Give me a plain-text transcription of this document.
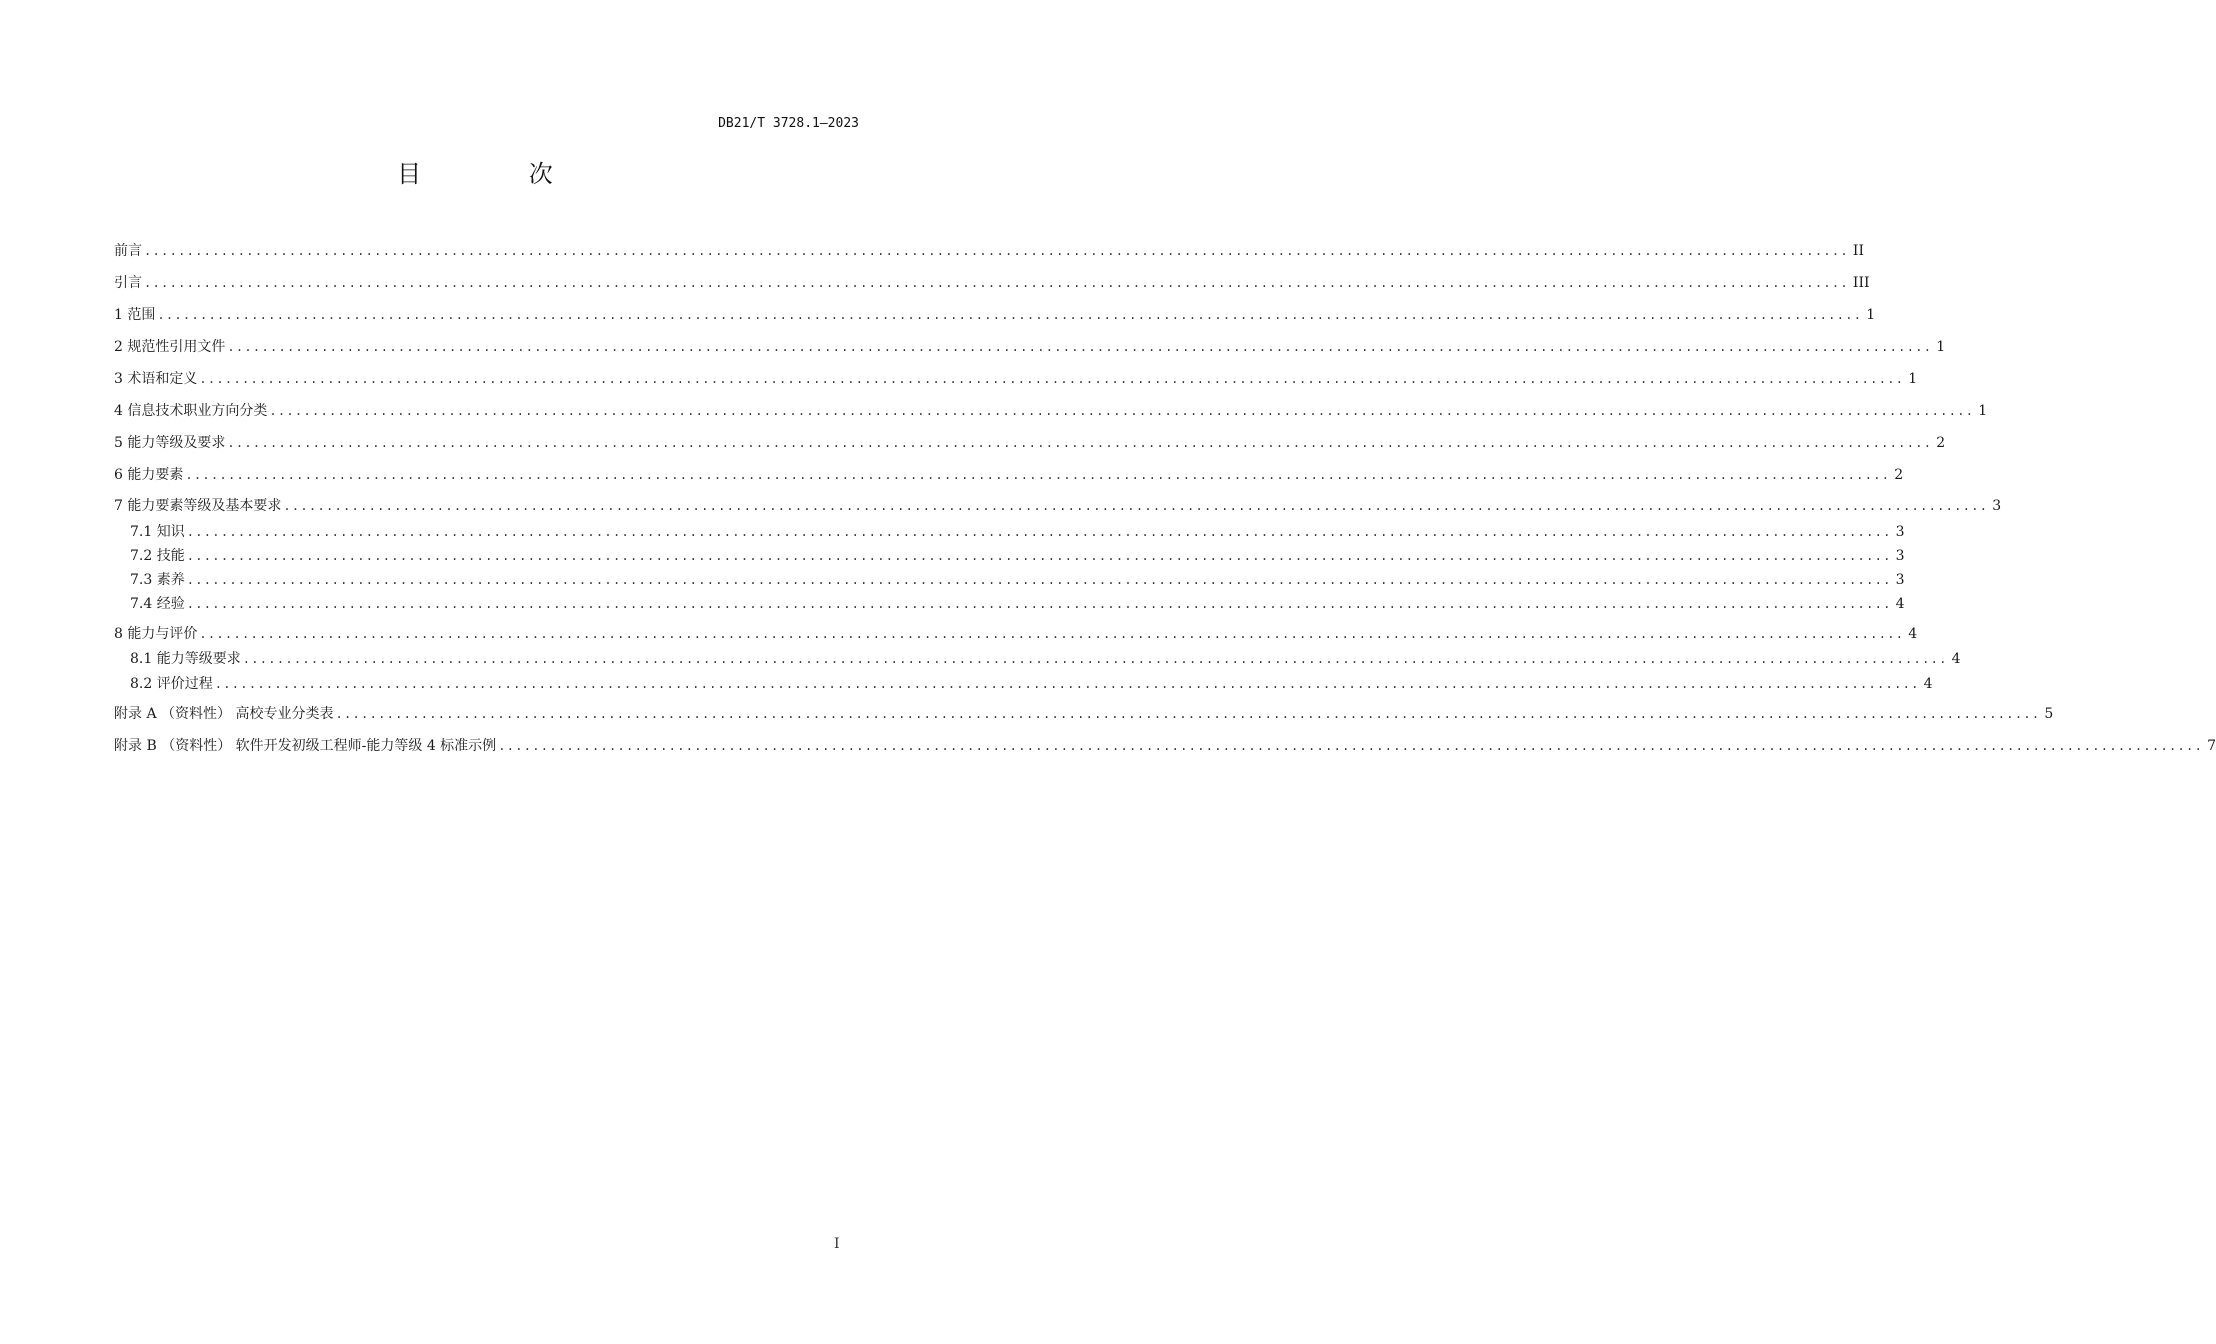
DB21/T 3728.1—2023
目 次
前言 ........................................................................................................................................................................................................ II
引言 ........................................................................................................................................................................................................ III
1 范围 ........................................................................................................................................................................................................ 1
2 规范性引用文件 ........................................................................................................................................................................................................ 1
3 术语和定义 ........................................................................................................................................................................................................ 1
4 信息技术职业方向分类 ........................................................................................................................................................................................................ 1
5 能力等级及要求 ........................................................................................................................................................................................................ 2
6 能力要素 ........................................................................................................................................................................................................ 2
7 能力要素等级及基本要求 ........................................................................................................................................................................................................ 3
7.1 知识 ........................................................................................................................................................................................................ 3
7.2 技能 ........................................................................................................................................................................................................ 3
7.3 素养 ........................................................................................................................................................................................................ 3
7.4 经验 ........................................................................................................................................................................................................ 4
8 能力与评价 ........................................................................................................................................................................................................ 4
8.1 能力等级要求 ........................................................................................................................................................................................................ 4
8.2 评价过程 ........................................................................................................................................................................................................ 4
附录 A （资料性） 高校专业分类表 ........................................................................................................................................................................................................ 5
附录 B （资料性） 软件开发初级工程师-能力等级 4 标准示例 ........................................................................................................................................................................................................ 7
I
